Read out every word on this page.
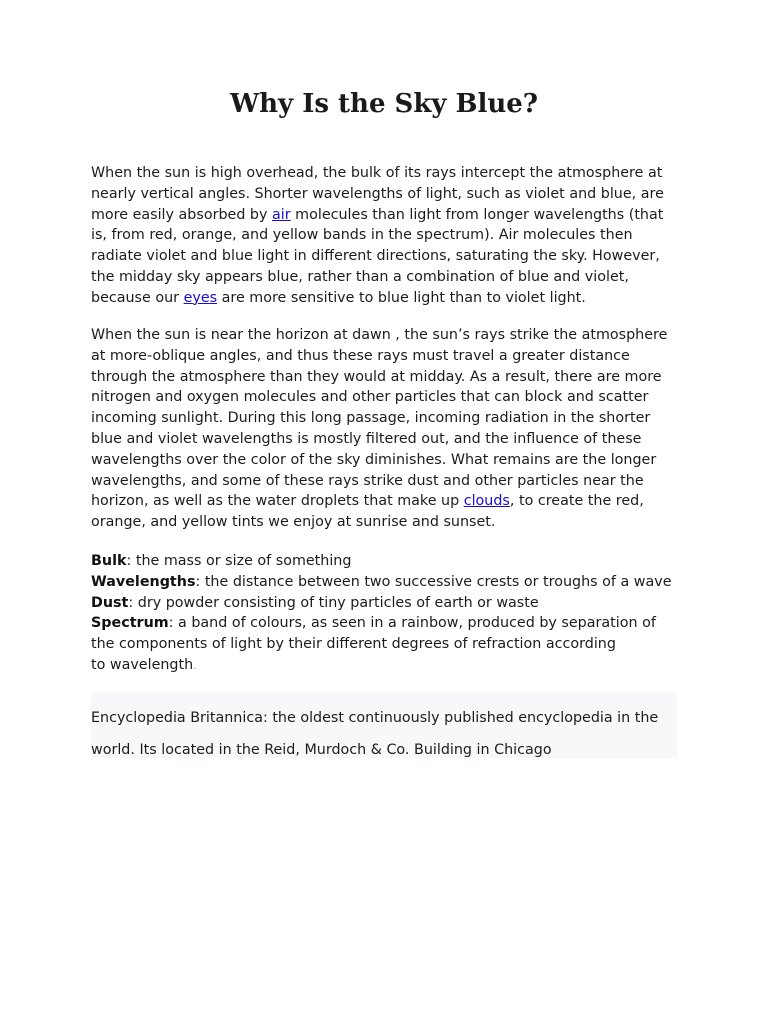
Why Is the Sky Blue?

When the sun is high overhead, the bulk of its rays intercept the atmosphere at nearly vertical angles. Shorter wavelengths of light, such as violet and blue, are more easily absorbed by air molecules than light from longer wavelengths (that is, from red, orange, and yellow bands in the spectrum). Air molecules then radiate violet and blue light in different directions, saturating the sky. However, the midday sky appears blue, rather than a combination of blue and violet, because our eyes are more sensitive to blue light than to violet light.

When the sun is near the horizon at dawn , the sun’s rays strike the atmosphere at more-oblique angles, and thus these rays must travel a greater distance through the atmosphere than they would at midday. As a result, there are more nitrogen and oxygen molecules and other particles that can block and scatter incoming sunlight. During this long passage, incoming radiation in the shorter blue and violet wavelengths is mostly filtered out, and the influence of these wavelengths over the color of the sky diminishes. What remains are the longer wavelengths, and some of these rays strike dust and other particles near the horizon, as well as the water droplets that make up clouds, to create the red, orange, and yellow tints we enjoy at sunrise and sunset.

Bulk: the mass or size of something
Wavelengths: the distance between two successive crests or troughs of a wave
Dust: dry powder consisting of tiny particles of earth or waste
Spectrum: a band of colours, as seen in a rainbow, produced by separation of
the components of light by their different degrees of refraction according
to wavelength.
Encyclopedia Britannica: the oldest continuously published encyclopedia in the
world. Its located in the Reid, Murdoch & Co. Building in Chicago
